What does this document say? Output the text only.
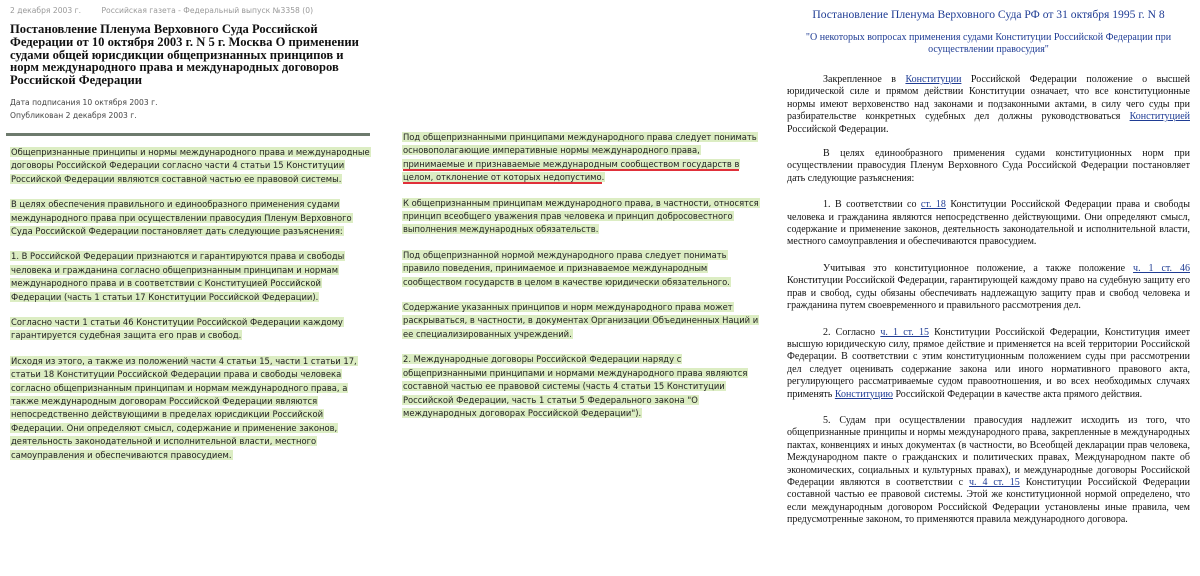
2 декабря 2003 г.	Российская газета - Федеральный выпуск №3358 (0)
Постановление Пленума Верховного Суда Российской Федерации от 10 октября 2003 г. N 5 г. Москва О применении судами общей юрисдикции общепризнанных принципов и норм международного права и международных договоров Российской Федерации
Дата подписания 10 октября 2003 г.
Опубликован 2 декабря 2003 г.

Общепризнанные принципы и нормы международного права и международные договоры Российской Федерации согласно части 4 статьи 15 Конституции Российской Федерации являются составной частью ее правовой системы.

В целях обеспечения правильного и единообразного применения судами международного права при осуществлении правосудия Пленум Верховного Суда Российской Федерации постановляет дать следующие разъяснения:

1. В Российской Федерации признаются и гарантируются права и свободы человека и гражданина согласно общепризнанным принципам и нормам международного права и в соответствии с Конституцией Российской Федерации (часть 1 статьи 17 Конституции Российской Федерации).

Согласно части 1 статьи 46 Конституции Российской Федерации каждому гарантируется судебная защита его прав и свобод.

Исходя из этого, а также из положений части 4 статьи 15, части 1 статьи 17, статьи 18 Конституции Российской Федерации права и свободы человека согласно общепризнанным принципам и нормам международного права, а также международным договорам Российской Федерации являются непосредственно действующими в пределах юрисдикции Российской Федерации. Они определяют смысл, содержание и применение законов, деятельность законодательной и исполнительной власти, местного самоуправления и обеспечиваются правосудием.

Под общепризнанными принципами международного права следует понимать основополагающие императивные нормы международного права, принимаемые и признаваемые международным сообществом государств в целом, отклонение от которых недопустимо.

К общепризнанным принципам международного права, в частности, относятся принцип всеобщего уважения прав человека и принцип добросовестного выполнения международных обязательств.

Под общепризнанной нормой международного права следует понимать правило поведения, принимаемое и признаваемое международным сообществом государств в целом в качестве юридически обязательного.

Содержание указанных принципов и норм международного права может раскрываться, в частности, в документах Организации Объединенных Наций и ее специализированных учреждений.

2. Международные договоры Российской Федерации наряду с общепризнанными принципами и нормами международного права являются составной частью ее правовой системы (часть 4 статьи 15 Конституции Российской Федерации, часть 1 статьи 5 Федерального закона "О международных договорах Российской Федерации").

Постановление Пленума Верховного Суда РФ от 31 октября 1995 г. N 8
"О некоторых вопросах применения судами Конституции Российской Федерации при осуществлении правосудия"

Закрепленное в Конституции Российской Федерации положение о высшей юридической силе и прямом действии Конституции означает, что все конституционные нормы имеют верховенство над законами и подзаконными актами, в силу чего суды при разбирательстве конкретных судебных дел должны руководствоваться Конституцией Российской Федерации.

В целях единообразного применения судами конституционных норм при осуществлении правосудия Пленум Верховного Суда Российской Федерации постановляет дать следующие разъяснения:

1. В соответствии со ст. 18 Конституции Российской Федерации права и свободы человека и гражданина являются непосредственно действующими. Они определяют смысл, содержание и применение законов, деятельность законодательной и исполнительной власти, местного самоуправления и обеспечиваются правосудием.

Учитывая это конституционное положение, а также положение ч. 1 ст. 46 Конституции Российской Федерации, гарантирующей каждому право на судебную защиту его прав и свобод, суды обязаны обеспечивать надлежащую защиту прав и свобод человека и гражданина путем своевременного и правильного рассмотрения дел.

2. Согласно ч. 1 ст. 15 Конституции Российской Федерации, Конституция имеет высшую юридическую силу, прямое действие и применяется на всей территории Российской Федерации. В соответствии с этим конституционным положением суды при рассмотрении дел следует оценивать содержание закона или иного нормативного правового акта, регулирующего рассматриваемые судом правоотношения, и во всех необходимых случаях применять Конституцию Российской Федерации в качестве акта прямого действия.

5. Судам при осуществлении правосудия надлежит исходить из того, что общепризнанные принципы и нормы международного права, закрепленные в международных пактах, конвенциях и иных документах (в частности, во Всеобщей декларации прав человека, Международном пакте о гражданских и политических правах, Международном пакте об экономических, социальных и культурных правах), и международные договоры Российской Федерации являются в соответствии с ч. 4 ст. 15 Конституции Российской Федерации составной частью ее правовой системы. Этой же конституционной нормой определено, что если международным договором Российской Федерации установлены иные правила, чем предусмотренные законом, то применяются правила международного договора.
